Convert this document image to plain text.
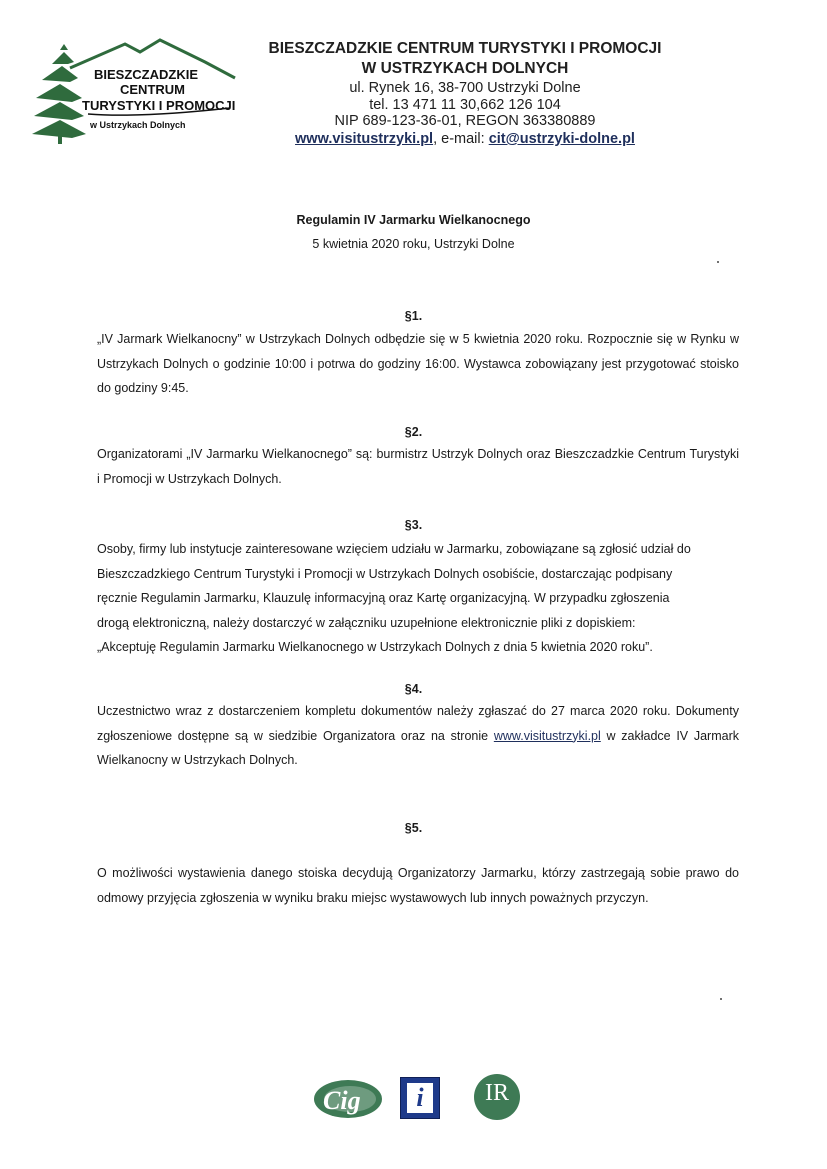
BIESZCZADZKIE
CENTRUM
TURYSTYKI I PROMOCJI
w Ustrzykach Dolnych
BIESZCZADZKIE CENTRUM TURYSTYKI I PROMOCJI
W USTRZYKACH DOLNYCH
ul. Rynek 16, 38-700 Ustrzyki Dolne
tel. 13 471 11 30,662 126 104
NIP 689-123-36-01, REGON 363380889
www.visitustrzyki.pl, e-mail: cit@ustrzyki-dolne.pl
Regulamin IV Jarmarku Wielkanocnego
5 kwietnia 2020 roku, Ustrzyki Dolne
§1.
„IV Jarmark Wielkanocny” w Ustrzykach Dolnych odbędzie się w 5 kwietnia 2020 roku. Rozpocznie się w Rynku w Ustrzykach Dolnych o godzinie 10:00 i potrwa do godziny 16:00. Wystawca zobowiązany jest przygotować stoisko do godziny 9:45.
§2.
Organizatorami „IV Jarmarku Wielkanocnego” są: burmistrz Ustrzyk Dolnych oraz Bieszczadzkie Centrum Turystyki i Promocji w Ustrzykach Dolnych.
§3.
Osoby, firmy lub instytucje zainteresowane wzięciem udziału w Jarmarku, zobowiązane są zgłosić udział do
Bieszczadzkiego Centrum Turystyki i Promocji w Ustrzykach Dolnych osobiście, dostarczając podpisany
ręcznie Regulamin Jarmarku, Klauzulę informacyjną oraz Kartę organizacyjną. W przypadku zgłoszenia
drogą elektroniczną, należy dostarczyć w załączniku uzupełnione elektronicznie pliki z dopiskiem:
„Akceptuję Regulamin Jarmarku Wielkanocnego w Ustrzykach Dolnych z dnia 5 kwietnia 2020 roku”.
§4.
Uczestnictwo wraz z dostarczeniem kompletu dokumentów należy zgłaszać do 27 marca 2020 roku. Dokumenty zgłoszeniowe dostępne są w siedzibie Organizatora oraz na stronie www.visitustrzyki.pl w zakładce IV Jarmark Wielkanocny w Ustrzykach Dolnych.
§5.
O możliwości wystawienia danego stoiska decydują Organizatorzy Jarmarku, którzy zastrzegają sobie prawo do odmowy przyjęcia zgłoszenia w wyniku braku miejsc wystawowych lub innych poważnych przyczyn.
Cig	i	IR
